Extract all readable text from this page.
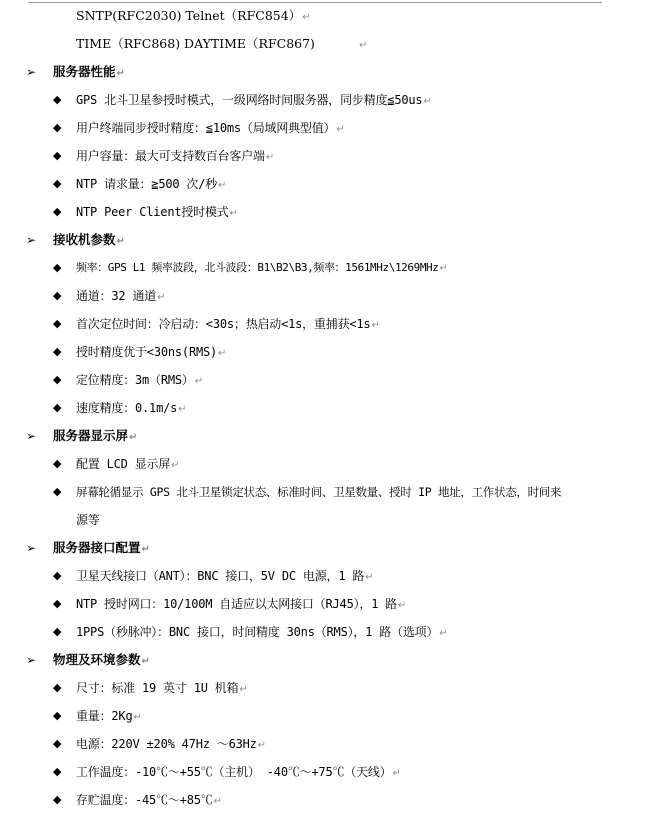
SNTP(RFC2030) Telnet（RFC854）↵
TIME（RFC868) DAYTIME（RFC867)	↵
➢ 服务器性能↵
◆ GPS 北斗卫星参授时模式，一级网络时间服务器，同步精度≦50us↵
◆ 用户终端同步授时精度：≦10ms（局域网典型值）↵
◆ 用户容量：最大可支持数百台客户端↵
◆ NTP 请求量：≧500 次/秒↵
◆ NTP Peer Client授时模式↵
➢ 接收机参数↵
◆ 频率：GPS L1 频率波段，北斗波段：B1\B2\B3,频率：1561MHz\1269MHz↵
◆ 通道：32 通道↵
◆ 首次定位时间：冷启动：<30s；热启动<1s，重捕获<1s↵
◆ 授时精度优于<30ns(RMS)↵
◆ 定位精度：3m（RMS）↵
◆ 速度精度：0.1m/s↵
➢ 服务器显示屏↵
◆ 配置 LCD 显示屏↵
◆ 屏幕轮循显示 GPS 北斗卫星锁定状态、标准时间、卫星数量、授时 IP 地址，工作状态，时间来
源等
➢ 服务器接口配置↵
◆ 卫星天线接口（ANT）：BNC 接口，5V DC 电源，1 路↵
◆ NTP 授时网口：10/100M 自适应以太网接口（RJ45），1 路↵
◆ 1PPS（秒脉冲）：BNC 接口，时间精度 30ns（RMS），1 路（选项）↵
➢ 物理及环境参数↵
◆ 尺寸：标准 19 英寸 1U 机箱↵
◆ 重量：2Kg↵
◆ 电源：220V ±20% 47Hz ～63Hz↵
◆ 工作温度：-10℃～+55℃（主机） -40℃～+75℃（天线）↵
◆ 存贮温度：-45℃～+85℃↵
